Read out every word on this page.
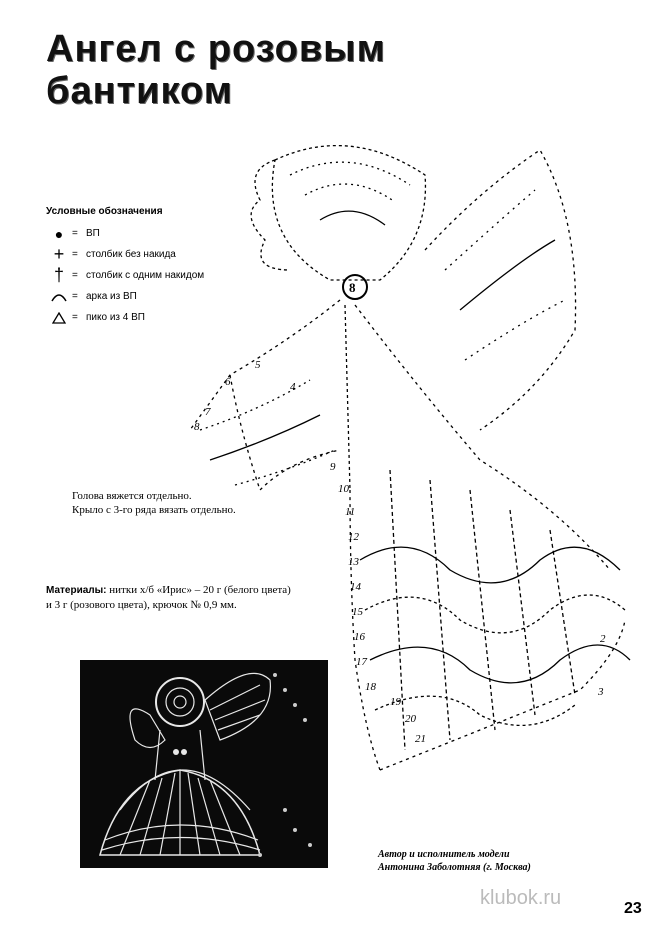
Ангел с розовым
бантиком
Условные обозначения
● = ВП
+ = столбик без накида
† = столбик с одним накидом
= арка из ВП
= пико из 4 ВП
8
5
6
7
8
11
12
13
14
15
16
17
18
19
20
21
2
3
4
9
10
Голова вяжется отдельно.
Крыло с 3-го ряда вязать отдельно.
Материалы: нитки х/б «Ирис» – 20 г (белого цвета)
и 3 г (розового цвета), крючок № 0,9 мм.
Автор и исполнитель модели
Антонина Заболотняя (г. Москва)
klubok.ru	23
